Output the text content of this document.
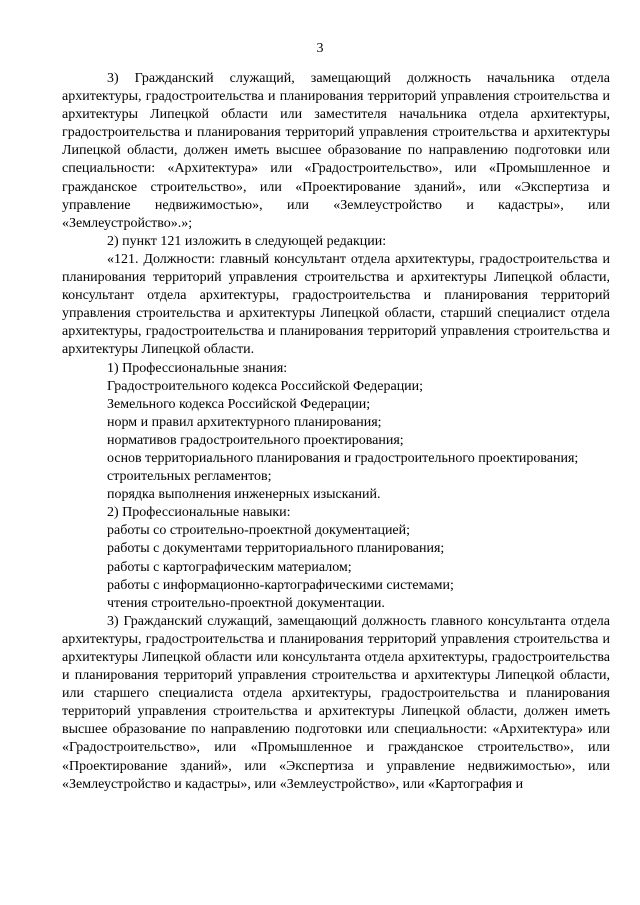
3

3) Гражданский служащий, замещающий должность начальника отдела архитектуры, градостроительства и планирования территорий управления строительства и архитектуры Липецкой области или заместителя начальника отдела архитектуры, градостроительства и планирования территорий управления строительства и архитектуры Липецкой области, должен иметь высшее образование по направлению подготовки или специальности: «Архитектура» или «Градостроительство», или «Промышленное и гражданское строительство», или «Проектирование зданий», или «Экспертиза и управление недвижимостью», или «Землеустройство и кадастры», или «Землеустройство».»;

2) пункт 121 изложить в следующей редакции:

«121. Должности: главный консультант отдела архитектуры, градостроительства и планирования территорий управления строительства и архитектуры Липецкой области, консультант отдела архитектуры, градостроительства и планирования территорий управления строительства и архитектуры Липецкой области, старший специалист отдела архитектуры, градостроительства и планирования территорий управления строительства и архитектуры Липецкой области.

1) Профессиональные знания:

Градостроительного кодекса Российской Федерации;

Земельного кодекса Российской Федерации;

норм и правил архитектурного планирования;

нормативов градостроительного проектирования;

основ территориального планирования и градостроительного проектирования;

строительных регламентов;

порядка выполнения инженерных изысканий.

2) Профессиональные навыки:

работы со строительно-проектной документацией;

работы с документами территориального планирования;

работы с картографическим материалом;

работы с информационно-картографическими системами;

чтения строительно-проектной документации.

3) Гражданский служащий, замещающий должность главного консультанта отдела архитектуры, градостроительства и планирования территорий управления строительства и архитектуры Липецкой области или консультанта отдела архитектуры, градостроительства и планирования территорий управления строительства и архитектуры Липецкой области, или старшего специалиста отдела архитектуры, градостроительства и планирования территорий управления строительства и архитектуры Липецкой области, должен иметь высшее образование по направлению подготовки или специальности: «Архитектура» или «Градостроительство», или «Промышленное и гражданское строительство», или «Проектирование зданий», или «Экспертиза и управление недвижимостью», или «Землеустройство и кадастры», или «Землеустройство», или «Картография и
